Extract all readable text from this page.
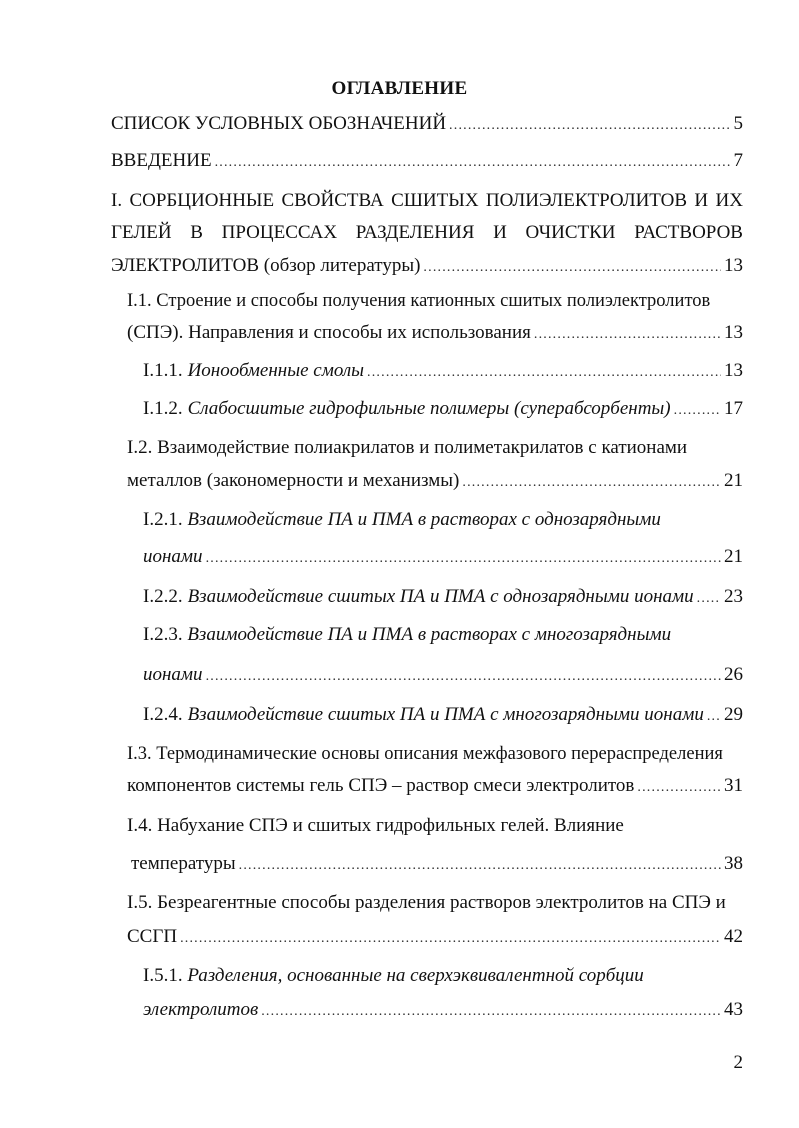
ОГЛАВЛЕНИЕ
СПИСОК УСЛОВНЫХ ОБОЗНАЧЕНИЙ .....	5
ВВЕДЕНИЕ .....	7
I. СОРБЦИОННЫЕ СВОЙСТВА СШИТЫХ ПОЛИЭЛЕКТРОЛИТОВ И ИХ
ГЕЛЕЙ В ПРОЦЕССАХ РАЗДЕЛЕНИЯ И ОЧИСТКИ РАСТВОРОВ
ЭЛЕКТРОЛИТОВ (обзор литературы) .....	13
I.1. Строение и способы получения катионных сшитых полиэлектролитов
(СПЭ). Направления и способы их использования .....	13
I.1.1. Ионообменные смолы .....	13
I.1.2. Слабосшитые гидрофильные полимеры (суперабсорбенты) .....	17
I.2. Взаимодействие полиакрилатов и полиметакрилатов с катионами
металлов (закономерности и механизмы) .....	21
I.2.1. Взаимодействие ПА и ПМА в растворах с однозарядными
ионами .....	21
I.2.2. Взаимодействие сшитых ПА и ПМА с однозарядными ионами ..... 23
I.2.3. Взаимодействие ПА и ПМА в растворах с многозарядными
ионами .....	26
I.2.4. Взаимодействие сшитых ПА и ПМА с многозарядными ионами ..... 29
I.3. Термодинамические основы описания межфазового перераспределения
компонентов системы гель СПЭ – раствор смеси электролитов .....	31
I.4. Набухание СПЭ и сшитых гидрофильных гелей. Влияние
температуры .....	38
I.5. Безреагентные способы разделения растворов электролитов на СПЭ и
ССГП .....	42
I.5.1. Разделения, основанные на сверхэквивалентной сорбции
электролитов .....	43
2
